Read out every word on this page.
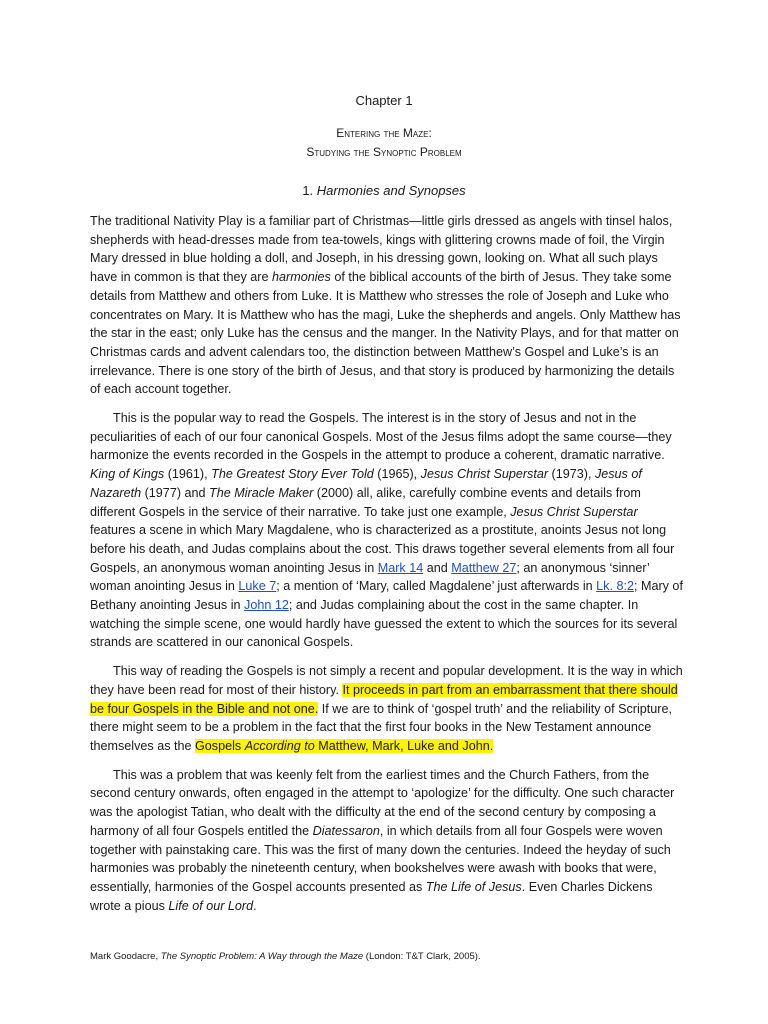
Chapter 1
Entering the Maze:
Studying the Synoptic Problem
1. Harmonies and Synopses

The traditional Nativity Play is a familiar part of Christmas—little girls dressed as angels with tinsel halos, shepherds with head-dresses made from tea-towels, kings with glittering crowns made of foil, the Virgin Mary dressed in blue holding a doll, and Joseph, in his dressing gown, looking on. What all such plays have in common is that they are harmonies of the biblical accounts of the birth of Jesus. They take some details from Matthew and others from Luke. It is Matthew who stresses the role of Joseph and Luke who concentrates on Mary. It is Matthew who has the magi, Luke the shepherds and angels. Only Matthew has the star in the east; only Luke has the census and the manger. In the Nativity Plays, and for that matter on Christmas cards and advent calendars too, the distinction between Matthew’s Gospel and Luke’s is an irrelevance. There is one story of the birth of Jesus, and that story is produced by harmonizing the details of each account together.

This is the popular way to read the Gospels. The interest is in the story of Jesus and not in the peculiarities of each of our four canonical Gospels. Most of the Jesus films adopt the same course—they harmonize the events recorded in the Gospels in the attempt to produce a coherent, dramatic narrative. King of Kings (1961), The Greatest Story Ever Told (1965), Jesus Christ Superstar (1973), Jesus of Nazareth (1977) and The Miracle Maker (2000) all, alike, carefully combine events and details from different Gospels in the service of their narrative. To take just one example, Jesus Christ Superstar features a scene in which Mary Magdalene, who is characterized as a prostitute, anoints Jesus not long before his death, and Judas complains about the cost. This draws together several elements from all four Gospels, an anonymous woman anointing Jesus in Mark 14 and Matthew 27; an anonymous ‘sinner’ woman anointing Jesus in Luke 7; a mention of ‘Mary, called Magdalene’ just afterwards in Lk. 8:2; Mary of Bethany anointing Jesus in John 12; and Judas complaining about the cost in the same chapter. In watching the simple scene, one would hardly have guessed the extent to which the sources for its several strands are scattered in our canonical Gospels.

This way of reading the Gospels is not simply a recent and popular development. It is the way in which they have been read for most of their history. It proceeds in part from an embarrassment that there should be four Gospels in the Bible and not one. If we are to think of ‘gospel truth’ and the reliability of Scripture, there might seem to be a problem in the fact that the first four books in the New Testament announce themselves as the Gospels According to Matthew, Mark, Luke and John.

This was a problem that was keenly felt from the earliest times and the Church Fathers, from the second century onwards, often engaged in the attempt to ‘apologize’ for the difficulty. One such character was the apologist Tatian, who dealt with the difficulty at the end of the second century by composing a harmony of all four Gospels entitled the Diatessaron, in which details from all four Gospels were woven together with painstaking care. This was the first of many down the centuries. Indeed the heyday of such harmonies was probably the nineteenth century, when bookshelves were awash with books that were, essentially, harmonies of the Gospel accounts presented as The Life of Jesus. Even Charles Dickens wrote a pious Life of our Lord.

Mark Goodacre, The Synoptic Problem: A Way through the Maze (London: T&T Clark, 2005).
